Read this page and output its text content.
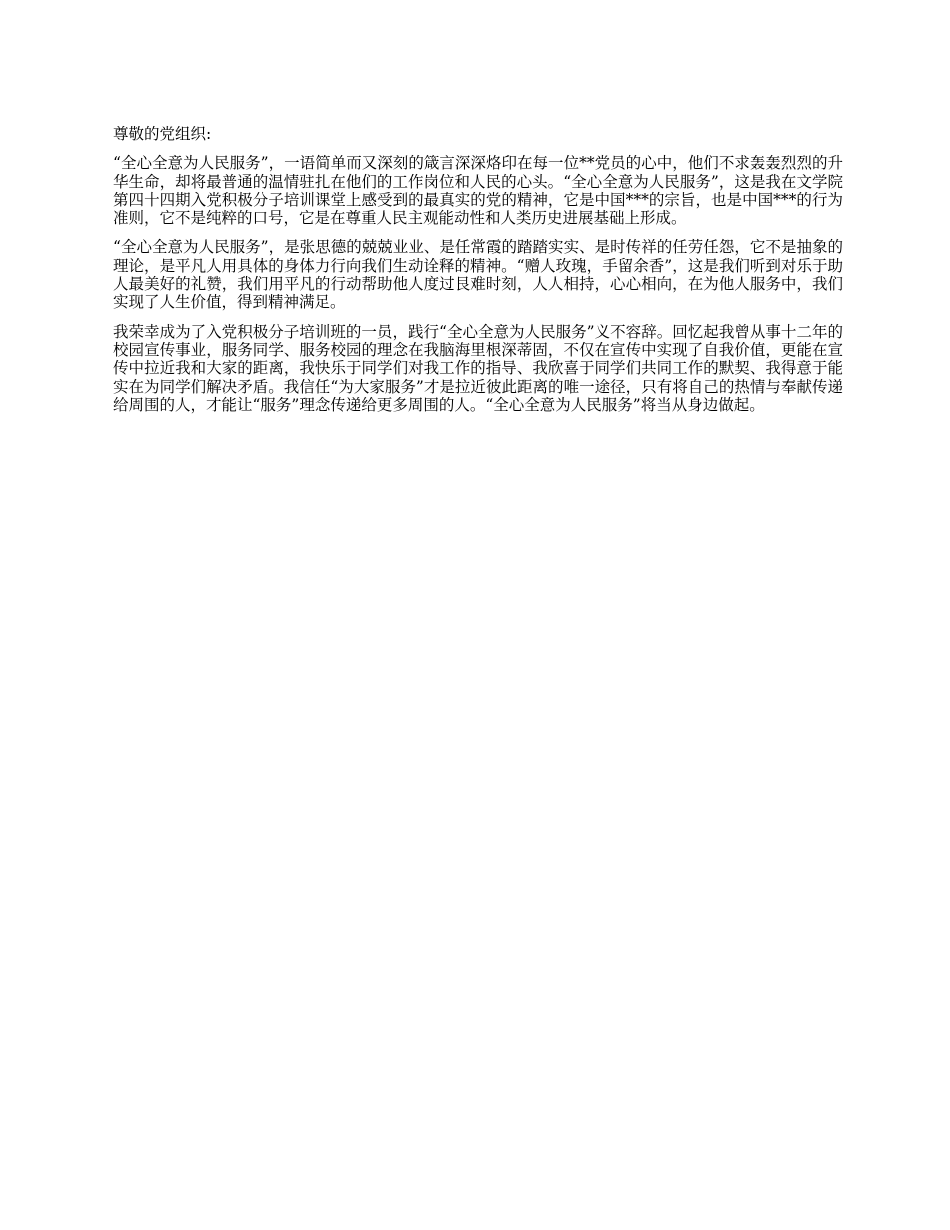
尊敬的党组织:

“全心全意为人民服务”，一语简单而又深刻的箴言深深烙印在每一位**党员的心中，他们不求轰轰烈烈的升华生命，却将最普通的温情驻扎在他们的工作岗位和人民的心头。“全心全意为人民服务”，这是我在文学院第四十四期入党积极分子培训课堂上感受到的最真实的党的精神，它是中国***的宗旨，也是中国***的行为准则，它不是纯粹的口号，它是在尊重人民主观能动性和人类历史进展基础上形成。

“全心全意为人民服务”，是张思德的兢兢业业、是任常霞的踏踏实实、是时传祥的任劳任怨，它不是抽象的理论，是平凡人用具体的身体力行向我们生动诠释的精神。“赠人玫瑰，手留余香”，这是我们听到对乐于助人最美好的礼赞，我们用平凡的行动帮助他人度过艮难时刻，人人相持，心心相向，在为他人服务中，我们实现了人生价值，得到精神满足。

我荣幸成为了入党积极分子培训班的一员，践行“全心全意为人民服务”义不容辞。回忆起我曾从事十二年的校园宣传事业，服务同学、服务校园的理念在我脑海里根深蒂固，不仅在宣传中实现了自我价值，更能在宣传中拉近我和大家的距离，我快乐于同学们对我工作的指导、我欣喜于同学们共同工作的默契、我得意于能实在为同学们解决矛盾。我信任“为大家服务”才是拉近彼此距离的唯一途径，只有将自己的热情与奉献传递给周围的人，才能让“服务”理念传递给更多周围的人。“全心全意为人民服务”将当从身边做起。
